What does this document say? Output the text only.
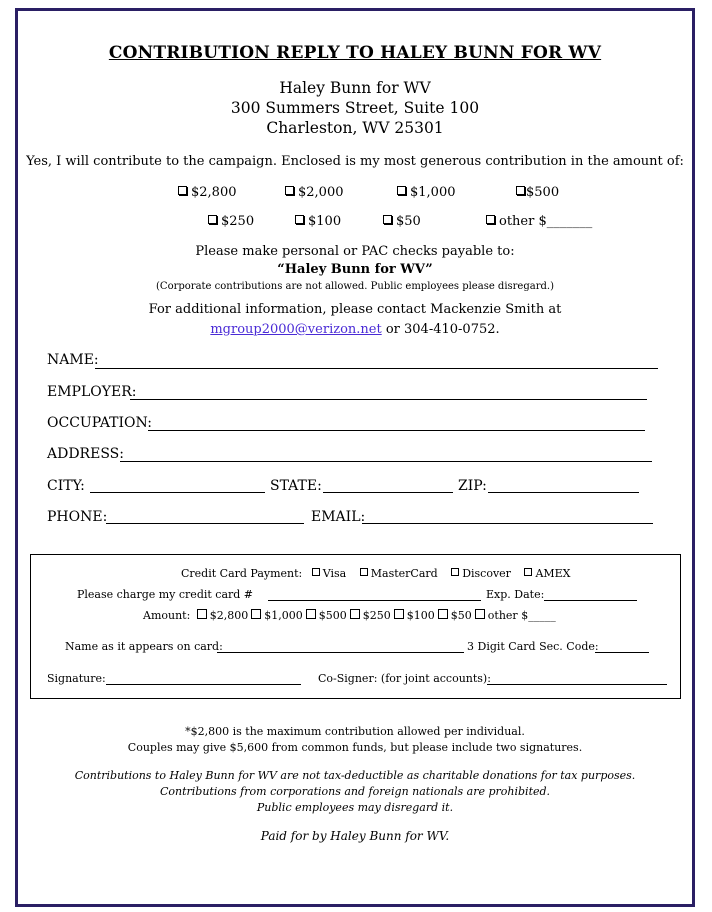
CONTRIBUTION REPLY TO HALEY BUNN FOR WV
Haley Bunn for WV
300 Summers Street, Suite 100
Charleston, WV 25301
Yes, I will contribute to the campaign. Enclosed is my most generous contribution in the amount of:
$2,800	$2,000	$1,000	$500
$250	$100	$50	other $_______
Please make personal or PAC checks payable to:
“Haley Bunn for WV”
(Corporate contributions are not allowed. Public employees please disregard.)
For additional information, please contact Mackenzie Smith at
mgroup2000@verizon.net or 304-410-0752.
NAME:
EMPLOYER:
OCCUPATION:
ADDRESS:
CITY:	STATE:	ZIP:
PHONE:	EMAIL:
Credit Card Payment: Visa MasterCard Discover AMEX
Please charge my credit card #	Exp. Date:
Amount: $2,800 $1,000 $500 $250 $100 $50 other $_____
Name as it appears on card:	3 Digit Card Sec. Code:
Signature:	Co-Signer: (for joint accounts):
*$2,800 is the maximum contribution allowed per individual.
Couples may give $5,600 from common funds, but please include two signatures.
Contributions to Haley Bunn for WV are not tax-deductible as charitable donations for tax purposes.
Contributions from corporations and foreign nationals are prohibited.
Public employees may disregard it.
Paid for by Haley Bunn for WV.
